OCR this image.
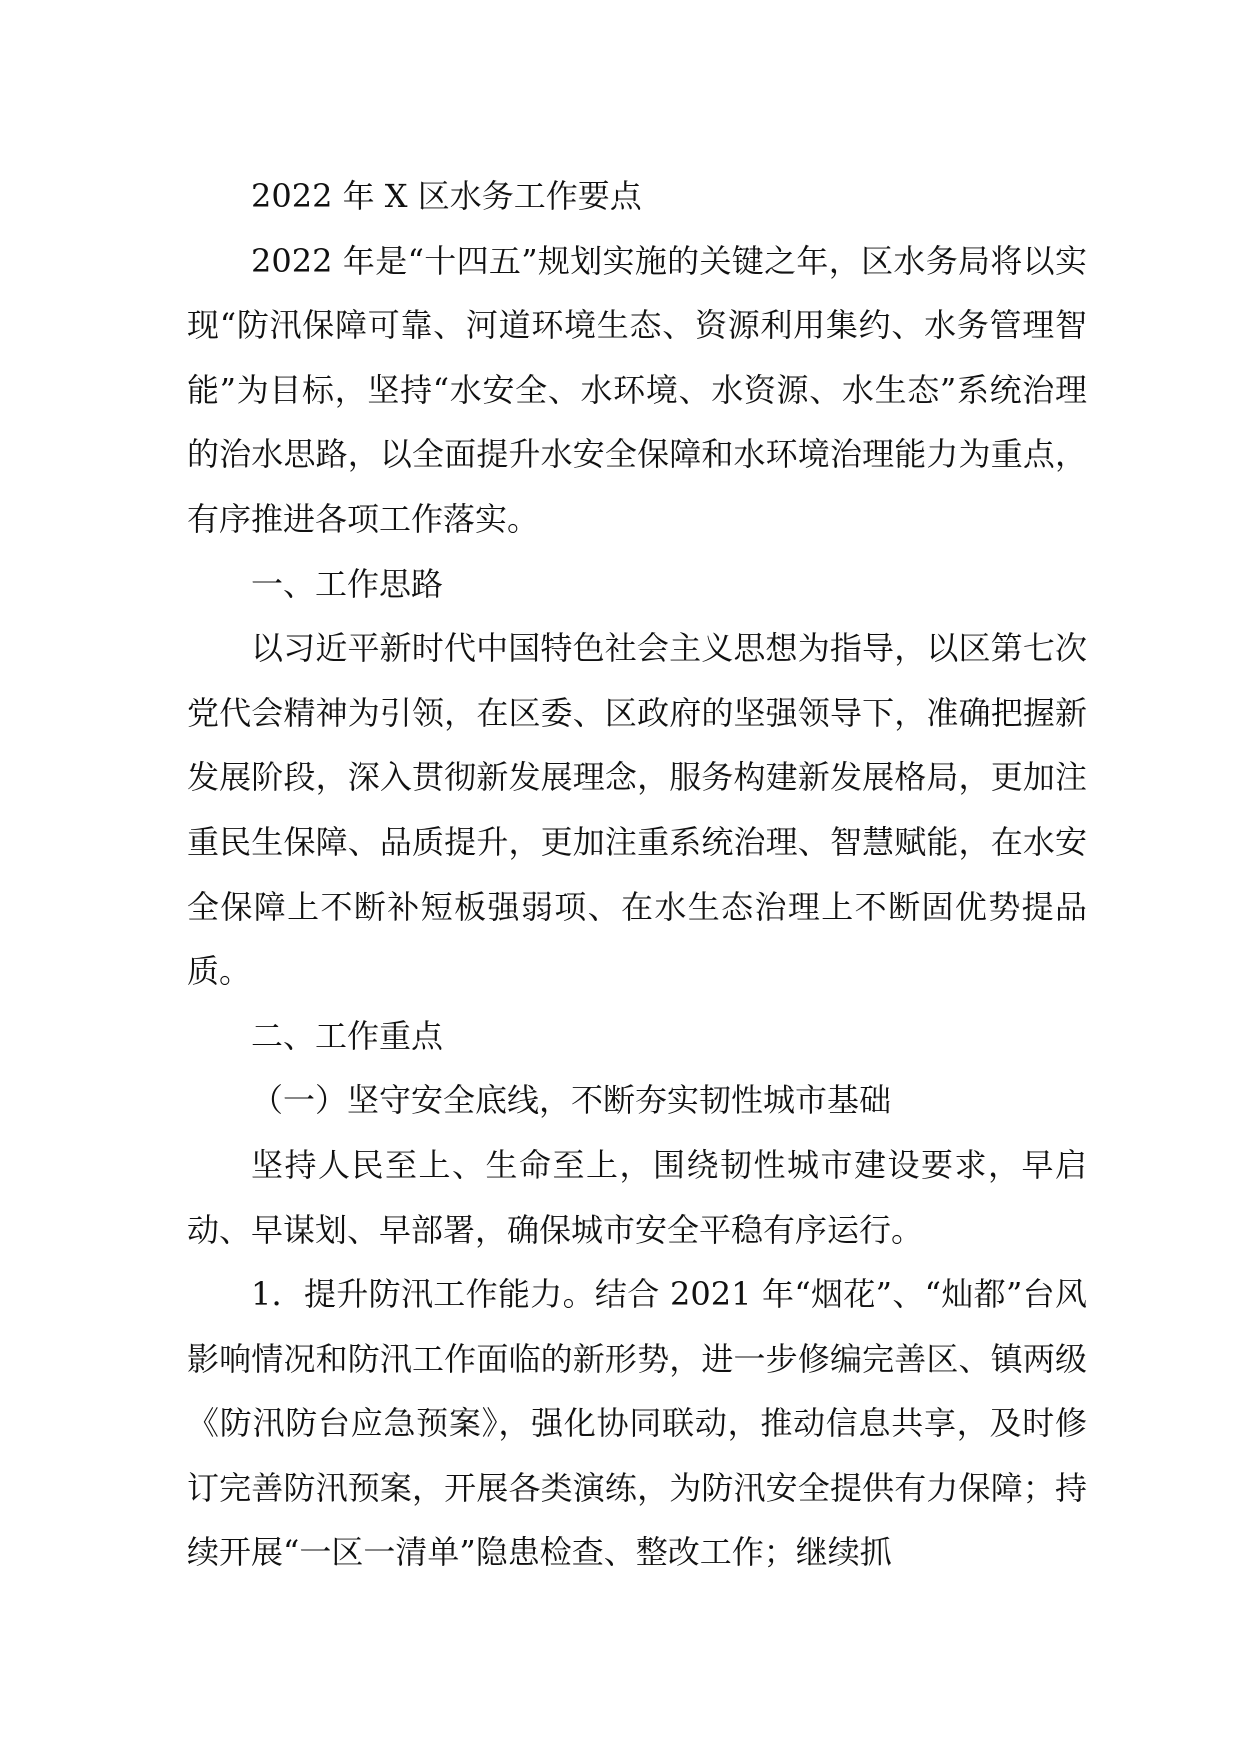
2022 年 X 区水务工作要点

2022 年是“十四五”规划实施的关键之年，区水务局将以实现“防汛保障可靠、河道环境生态、资源利用集约、水务管理智能”为目标，坚持“水安全、水环境、水资源、水生态”系统治理的治水思路，以全面提升水安全保障和水环境治理能力为重点，有序推进各项工作落实。

一、工作思路

以习近平新时代中国特色社会主义思想为指导，以区第七次党代会精神为引领，在区委、区政府的坚强领导下，准确把握新发展阶段，深入贯彻新发展理念，服务构建新发展格局，更加注重民生保障、品质提升，更加注重系统治理、智慧赋能，在水安全保障上不断补短板强弱项、在水生态治理上不断固优势提品质。

二、工作重点

（一）坚守安全底线，不断夯实韧性城市基础

坚持人民至上、生命至上，围绕韧性城市建设要求，早启动、早谋划、早部署，确保城市安全平稳有序运行。

1．提升防汛工作能力。结合 2021 年“烟花”、“灿都”台风影响情况和防汛工作面临的新形势，进一步修编完善区、镇两级《防汛防台应急预案》，强化协同联动，推动信息共享，及时修订完善防汛预案，开展各类演练，为防汛安全提供有力保障；持续开展“一区一清单”隐患检查、整改工作；继续抓
